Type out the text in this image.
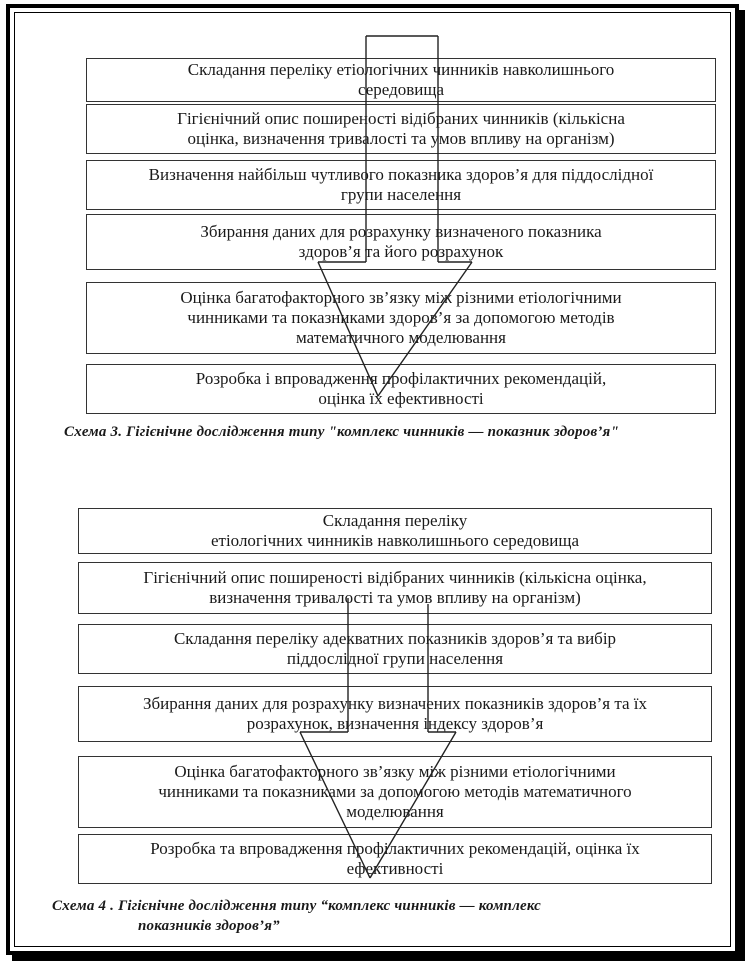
Складання переліку етіологічних чинників навколишнього
середовища
Гігієнічний опис поширеності відібраних чинників (кількісна
оцінка, визначення тривалості та умов впливу на організм)
Визначення найбільш чутливого показника здоров’я для піддослідної
групи населення
Збирання даних для розрахунку визначеного показника
здоров’я та його розрахунок
Оцінка багатофакторного зв’язку між різними етіологічними
чинниками та показниками здоров’я за допомогою методів
математичного моделювання
Розробка і впровадження профілактичних рекомендацій,
оцінка їх ефективності
Схема 3. Гігієнічне дослідження типу "комплекс чинників — показник здоров’я"
Складання переліку
етіологічних чинників навколишнього середовища
Гігієнічний опис поширеності відібраних чинників (кількісна оцінка,
визначення тривалості та умов впливу на організм)
Складання переліку адекватних показників здоров’я та вибір
піддослідної групи населення
Збирання даних для розрахунку визначених показників здоров’я та їх
розрахунок, визначення індексу здоров’я
Оцінка багатофакторного зв’язку між різними етіологічними
чинниками та показниками за допомогою методів математичного
моделювання
Розробка та впровадження профілактичних рекомендацій, оцінка їх
ефективності
Схема 4 . Гігієнічне дослідження типу “комплекс чинників — комплекс
показників здоров’я”
